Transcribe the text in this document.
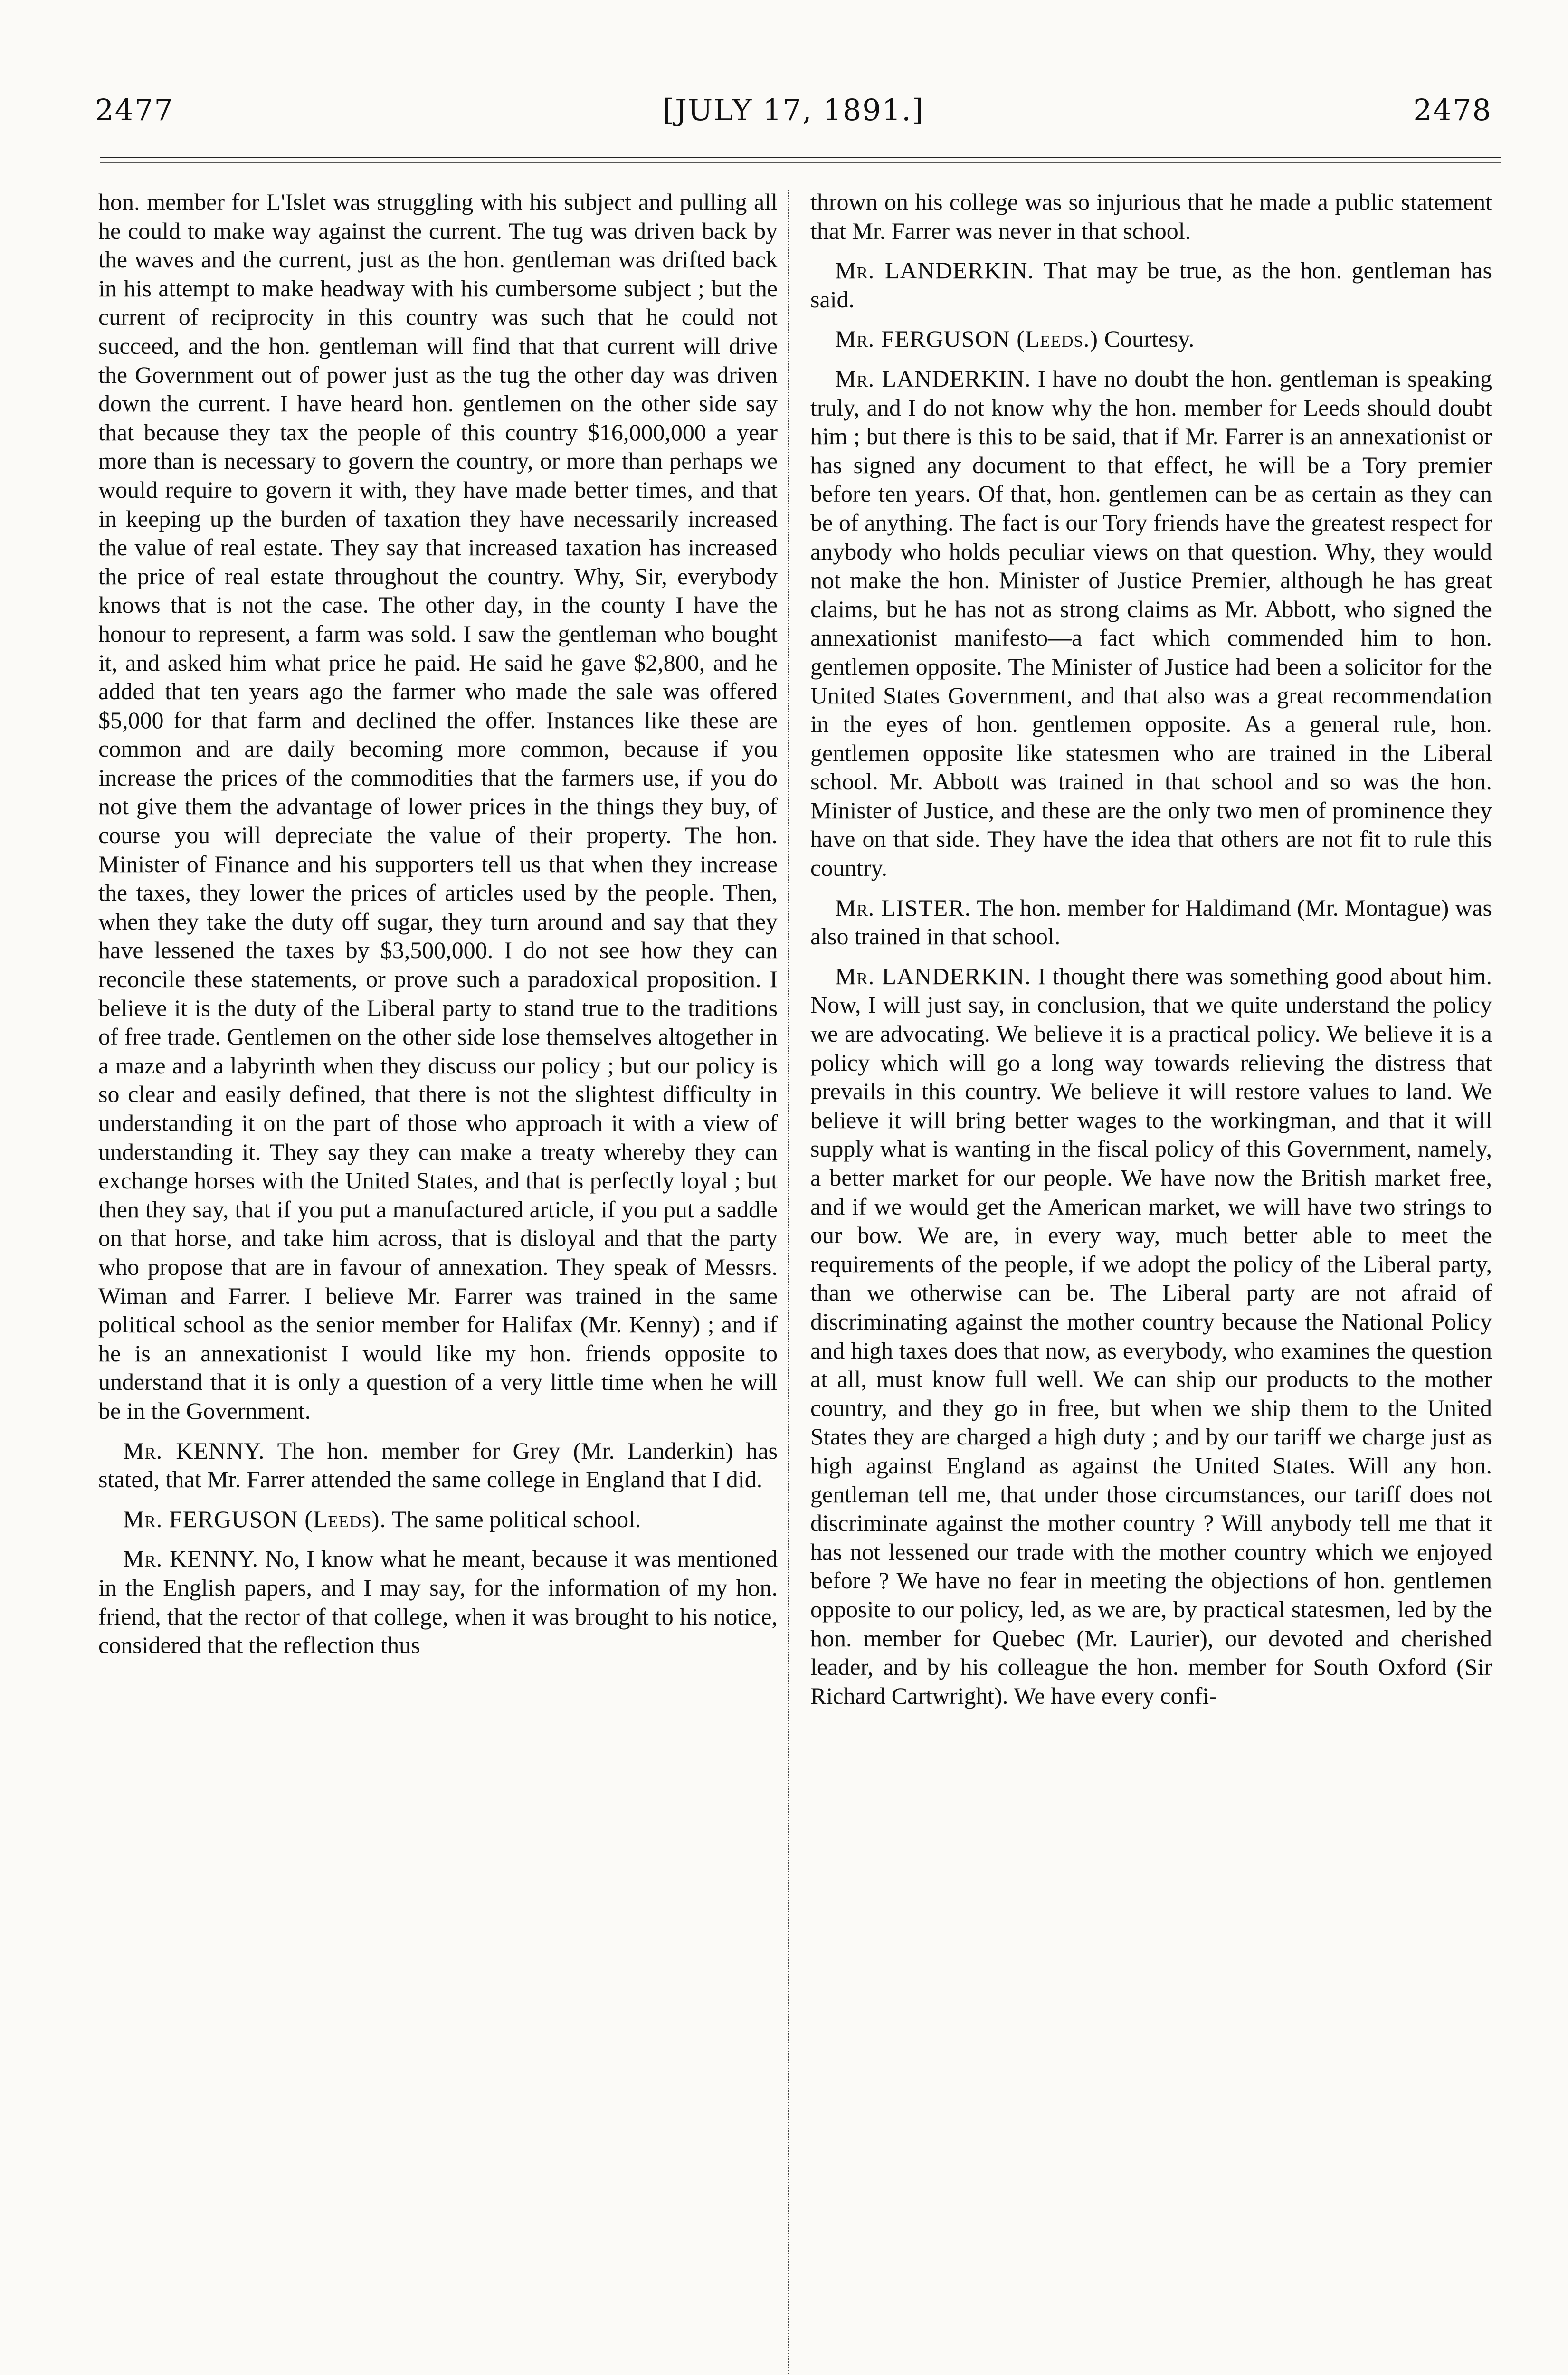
2477	[JULY 17, 1891.]	2478

hon. member for L'Islet was struggling with his subject and pulling all he could to make way against the current. The tug was driven back by the waves and the current, just as the hon. gentleman was drifted back in his attempt to make headway with his cumbersome subject ; but the current of reciprocity in this country was such that he could not succeed, and the hon. gentleman will find that that current will drive the Government out of power just as the tug the other day was driven down the current. I have heard hon. gentlemen on the other side say that because they tax the people of this country $16,000,000 a year more than is necessary to govern the country, or more than perhaps we would require to govern it with, they have made better times, and that in keeping up the burden of taxation they have necessarily increased the value of real estate. They say that increased taxation has increased the price of real estate throughout the country. Why, Sir, everybody knows that is not the case. The other day, in the county I have the honour to represent, a farm was sold. I saw the gentleman who bought it, and asked him what price he paid. He said he gave $2,800, and he added that ten years ago the farmer who made the sale was offered $5,000 for that farm and declined the offer. Instances like these are common and are daily becoming more common, because if you increase the prices of the commodities that the farmers use, if you do not give them the advantage of lower prices in the things they buy, of course you will depreciate the value of their property. The hon. Minister of Finance and his supporters tell us that when they increase the taxes, they lower the prices of articles used by the people. Then, when they take the duty off sugar, they turn around and say that they have lessened the taxes by $3,500,000. I do not see how they can reconcile these statements, or prove such a paradoxical proposition. I believe it is the duty of the Liberal party to stand true to the traditions of free trade. Gentlemen on the other side lose themselves altogether in a maze and a labyrinth when they discuss our policy ; but our policy is so clear and easily defined, that there is not the slightest difficulty in understanding it on the part of those who approach it with a view of understanding it. They say they can make a treaty whereby they can exchange horses with the United States, and that is perfectly loyal ; but then they say, that if you put a manufactured article, if you put a saddle on that horse, and take him across, that is disloyal and that the party who propose that are in favour of annexation. They speak of Messrs. Wiman and Farrer. I believe Mr. Farrer was trained in the same political school as the senior member for Halifax (Mr. Kenny) ; and if he is an annexationist I would like my hon. friends opposite to understand that it is only a question of a very little time when he will be in the Government.

Mr. KENNY. The hon. member for Grey (Mr. Landerkin) has stated, that Mr. Farrer attended the same college in England that I did.

Mr. FERGUSON (Leeds). The same political school.

Mr. KENNY. No, I know what he meant, because it was mentioned in the English papers, and I may say, for the information of my hon. friend, that the rector of that college, when it was brought to his notice, considered that the reflection thus

thrown on his college was so injurious that he made a public statement that Mr. Farrer was never in that school.

Mr. LANDERKIN. That may be true, as the hon. gentleman has said.

Mr. FERGUSON (Leeds.) Courtesy.

Mr. LANDERKIN. I have no doubt the hon. gentleman is speaking truly, and I do not know why the hon. member for Leeds should doubt him ; but there is this to be said, that if Mr. Farrer is an annexationist or has signed any document to that effect, he will be a Tory premier before ten years. Of that, hon. gentlemen can be as certain as they can be of anything. The fact is our Tory friends have the greatest respect for anybody who holds peculiar views on that question. Why, they would not make the hon. Minister of Justice Premier, although he has great claims, but he has not as strong claims as Mr. Abbott, who signed the annexationist manifesto—a fact which commended him to hon. gentlemen opposite. The Minister of Justice had been a solicitor for the United States Government, and that also was a great recommendation in the eyes of hon. gentlemen opposite. As a general rule, hon. gentlemen opposite like statesmen who are trained in the Liberal school. Mr. Abbott was trained in that school and so was the hon. Minister of Justice, and these are the only two men of prominence they have on that side. They have the idea that others are not fit to rule this country.

Mr. LISTER. The hon. member for Haldimand (Mr. Montague) was also trained in that school.

Mr. LANDERKIN. I thought there was something good about him. Now, I will just say, in conclusion, that we quite understand the policy we are advocating. We believe it is a practical policy. We believe it is a policy which will go a long way towards relieving the distress that prevails in this country. We believe it will restore values to land. We believe it will bring better wages to the workingman, and that it will supply what is wanting in the fiscal policy of this Government, namely, a better market for our people. We have now the British market free, and if we would get the American market, we will have two strings to our bow. We are, in every way, much better able to meet the requirements of the people, if we adopt the policy of the Liberal party, than we otherwise can be. The Liberal party are not afraid of discriminating against the mother country because the National Policy and high taxes does that now, as everybody, who examines the question at all, must know full well. We can ship our products to the mother country, and they go in free, but when we ship them to the United States they are charged a high duty ; and by our tariff we charge just as high against England as against the United States. Will any hon. gentleman tell me, that under those circumstances, our tariff does not discriminate against the mother country ? Will anybody tell me that it has not lessened our trade with the mother country which we enjoyed before ? We have no fear in meeting the objections of hon. gentlemen opposite to our policy, led, as we are, by practical statesmen, led by the hon. member for Quebec (Mr. Laurier), our devoted and cherished leader, and by his colleague the hon. member for South Oxford (Sir Richard Cartwright). We have every confi-
